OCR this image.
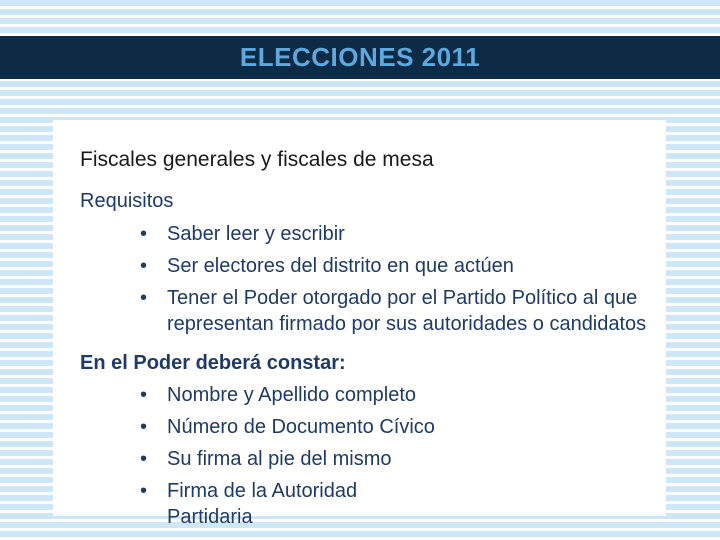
ELECCIONES 2011
Fiscales generales y fiscales de mesa
Requisitos
• Saber leer y escribir
• Ser electores del distrito en que actúen
• Tener el Poder otorgado por el Partido Político al que representan firmado por sus autoridades o candidatos
En el Poder deberá constar:
• Nombre y Apellido completo
• Número de Documento Cívico
• Su firma al pie del mismo
• Firma de la Autoridad Partidaria
